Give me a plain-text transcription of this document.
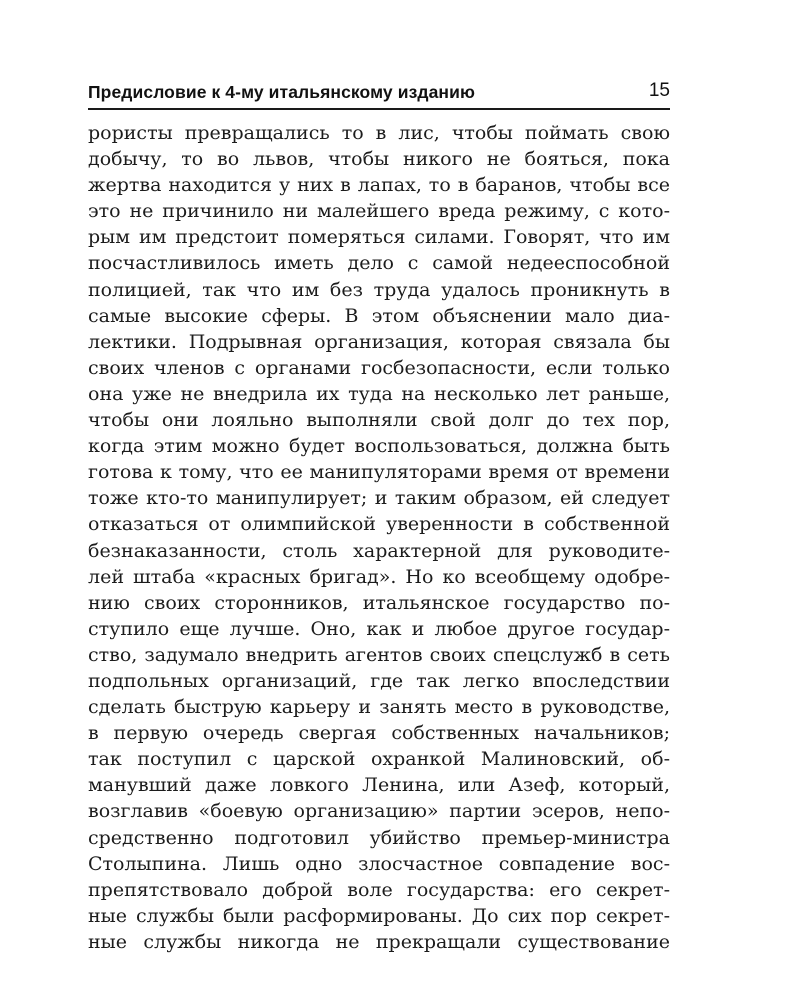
Предисловие к 4-му итальянскому изданию	15
рористы превращались то в лис, чтобы поймать свою
добычу, то во львов, чтобы никого не бояться, пока
жертва находится у них в лапах, то в баранов, чтобы все
это не причинило ни малейшего вреда режиму, с кото-
рым им предстоит померяться силами. Говорят, что им
посчастливилось иметь дело с самой недееспособной
полицией, так что им без труда удалось проникнуть в
самые высокие сферы. В этом объяснении мало диа-
лектики. Подрывная организация, которая связала бы
своих членов с органами госбезопасности, если только
она уже не внедрила их туда на несколько лет раньше,
чтобы они лояльно выполняли свой долг до тех пор,
когда этим можно будет воспользоваться, должна быть
готова к тому, что ее манипуляторами время от времени
тоже кто-то манипулирует; и таким образом, ей следует
отказаться от олимпийской уверенности в собственной
безнаказанности, столь характерной для руководите-
лей штаба «красных бригад». Но ко всеобщему одобре-
нию своих сторонников, итальянское государство по-
ступило еще лучше. Оно, как и любое другое государ-
ство, задумало внедрить агентов своих спецслужб в сеть
подпольных организаций, где так легко впоследствии
сделать быструю карьеру и занять место в руководстве,
в первую очередь свергая собственных начальников;
так поступил с царской охранкой Малиновский, об-
манувший даже ловкого Ленина, или Азеф, который,
возглавив «боевую организацию» партии эсеров, непо-
средственно подготовил убийство премьер-министра
Столыпина. Лишь одно злосчастное совпадение вос-
препятствовало доброй воле государства: его секрет-
ные службы были расформированы. До сих пор секрет-
ные службы никогда не прекращали существование
